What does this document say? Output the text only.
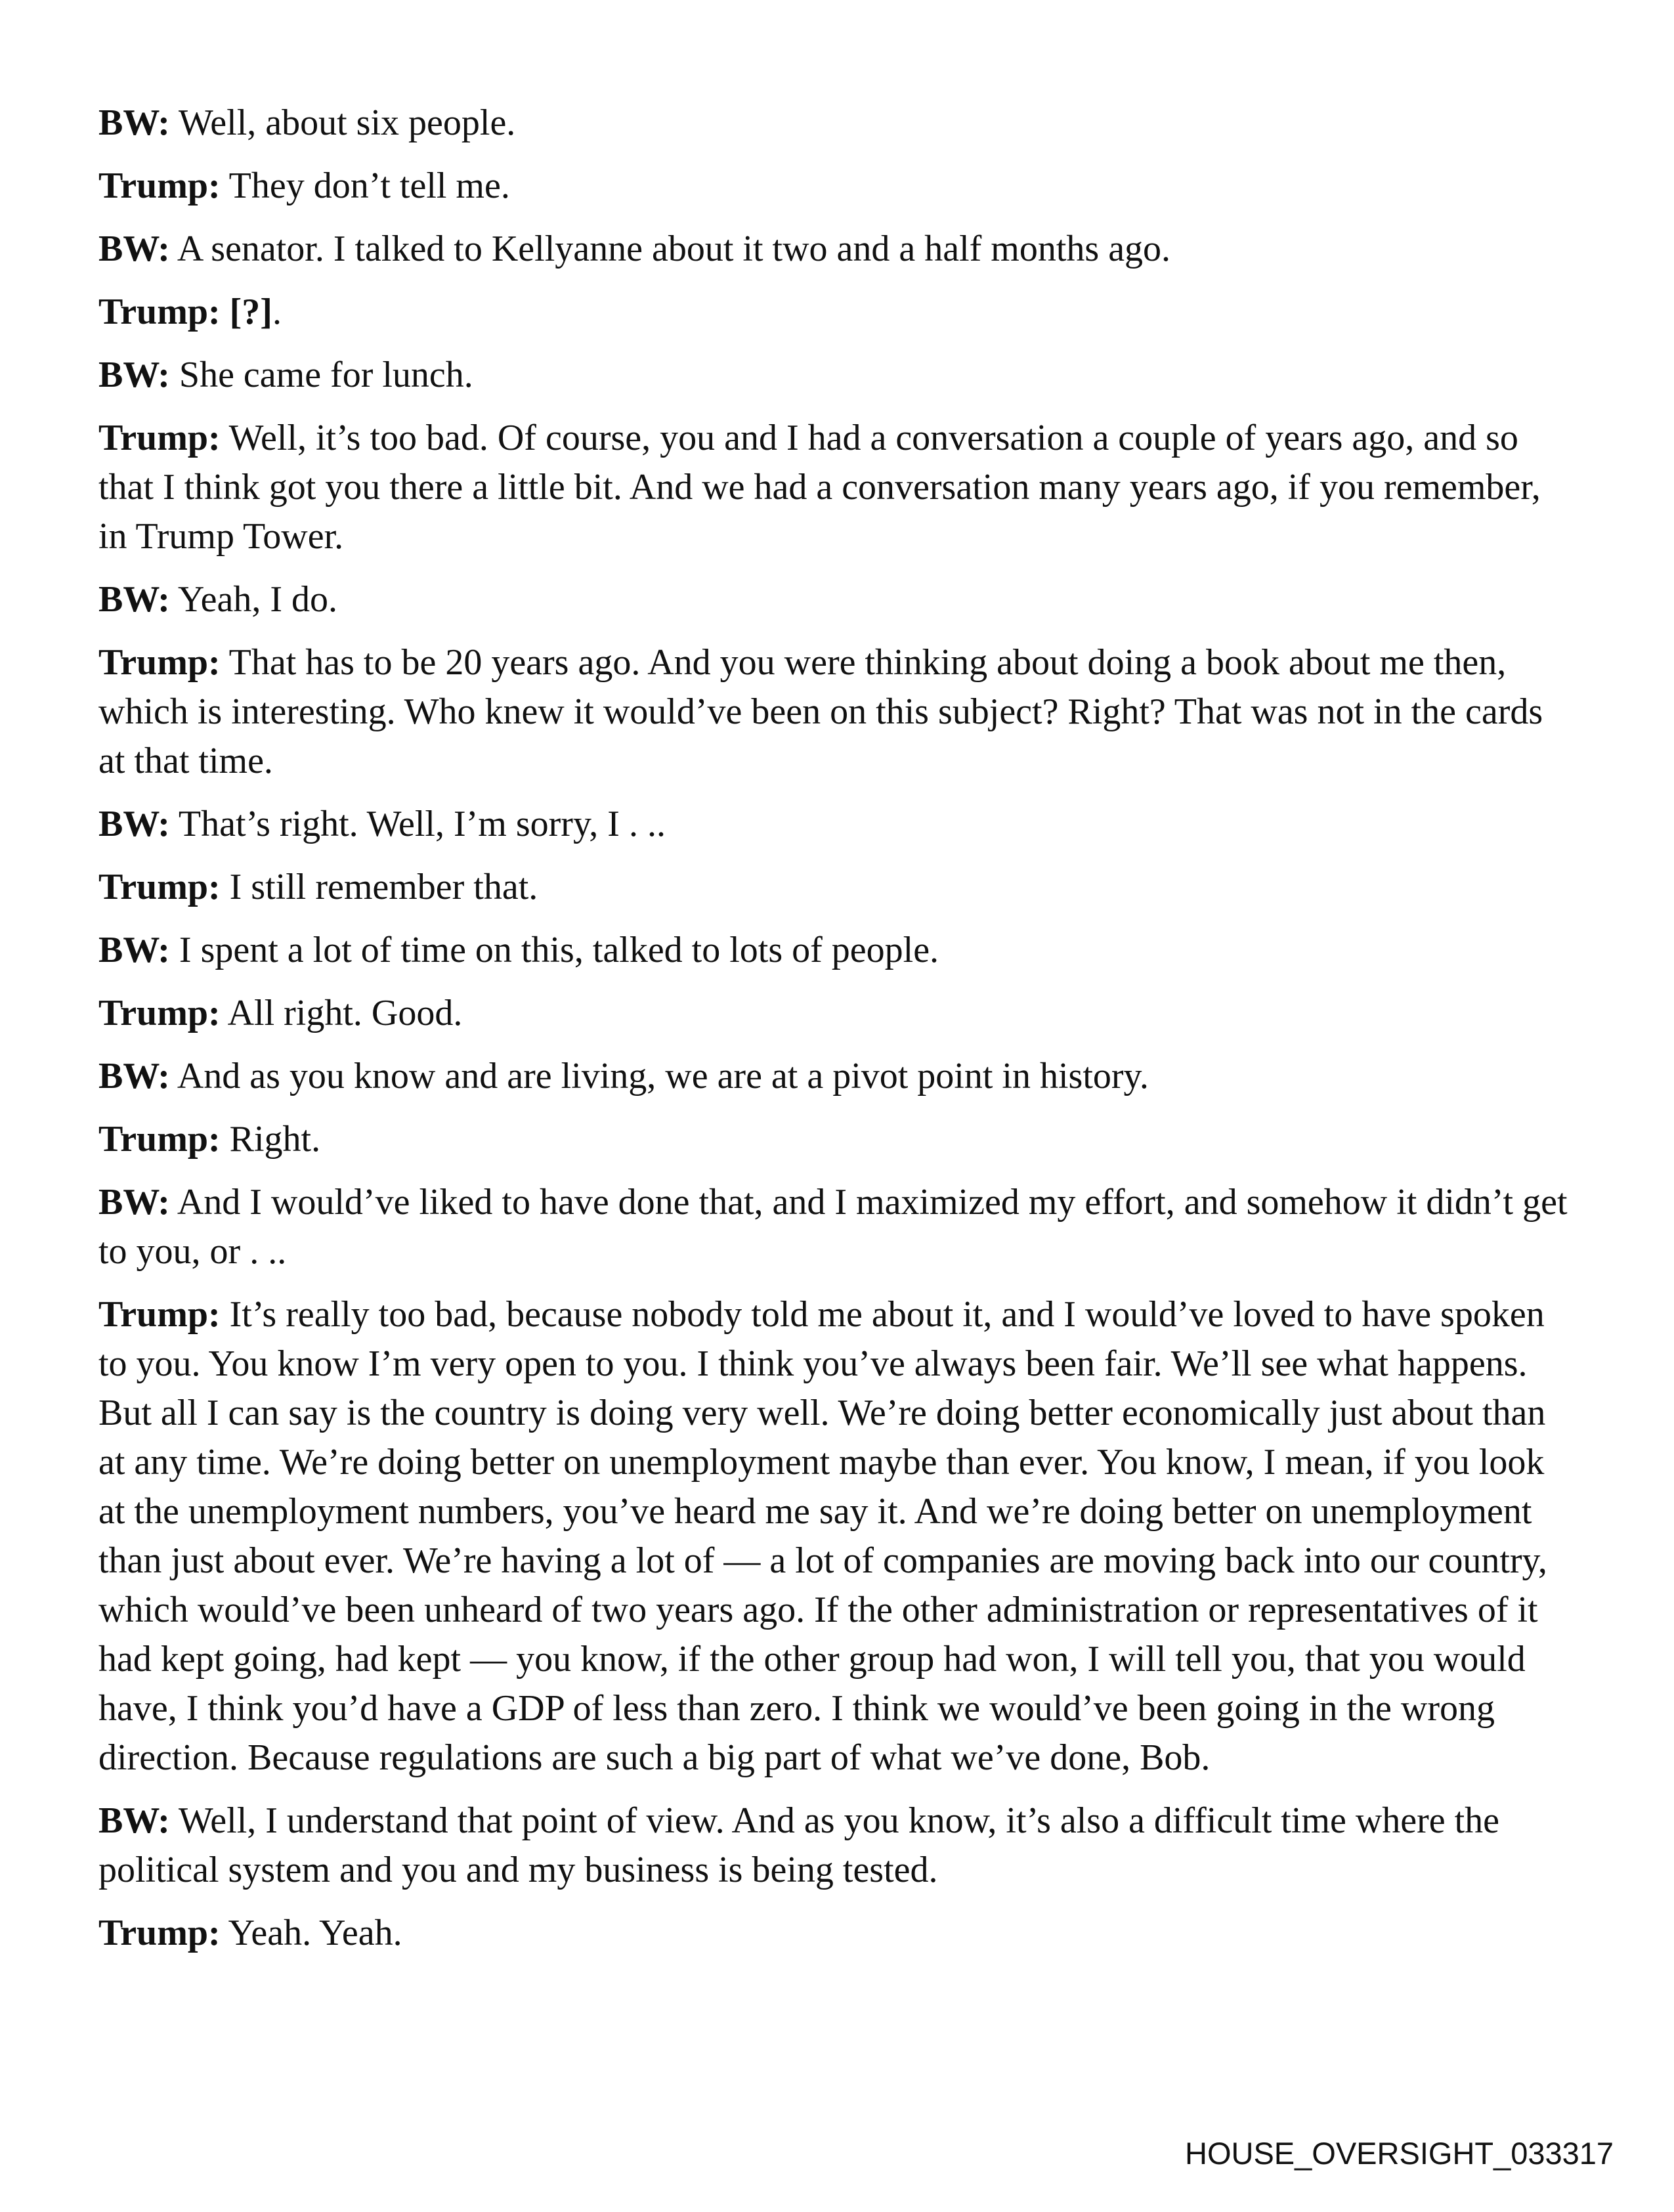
BW: Well, about six people.

Trump: They don’t tell me.

BW: A senator. I talked to Kellyanne about it two and a half months ago.

Trump: [?].

BW: She came for lunch.

Trump: Well, it’s too bad. Of course, you and I had a conversation a couple of years ago, and so that I think got you there a little bit. And we had a conversation many years ago, if you remember, in Trump Tower.

BW: Yeah, I do.

Trump: That has to be 20 years ago. And you were thinking about doing a book about me then, which is interesting. Who knew it would’ve been on this subject? Right? That was not in the cards at that time.

BW: That’s right. Well, I’m sorry, I . ..

Trump: I still remember that.

BW: I spent a lot of time on this, talked to lots of people.

Trump: All right. Good.

BW: And as you know and are living, we are at a pivot point in history.

Trump: Right.

BW: And I would’ve liked to have done that, and I maximized my effort, and somehow it didn’t get to you, or . ..

Trump: It’s really too bad, because nobody told me about it, and I would’ve loved to have spoken to you. You know I’m very open to you. I think you’ve always been fair. We’ll see what happens. But all I can say is the country is doing very well. We’re doing better economically just about than at any time. We’re doing better on unemployment maybe than ever. You know, I mean, if you look at the unemployment numbers, you’ve heard me say it. And we’re doing better on unemployment than just about ever. We’re having a lot of — a lot of companies are moving back into our country, which would’ve been unheard of two years ago. If the other administration or representatives of it had kept going, had kept — you know, if the other group had won, I will tell you, that you would have, I think you’d have a GDP of less than zero. I think we would’ve been going in the wrong direction. Because regulations are such a big part of what we’ve done, Bob.

BW: Well, I understand that point of view. And as you know, it’s also a difficult time where the political system and you and my business is being tested.

Trump: Yeah. Yeah.

HOUSE_OVERSIGHT_033317
